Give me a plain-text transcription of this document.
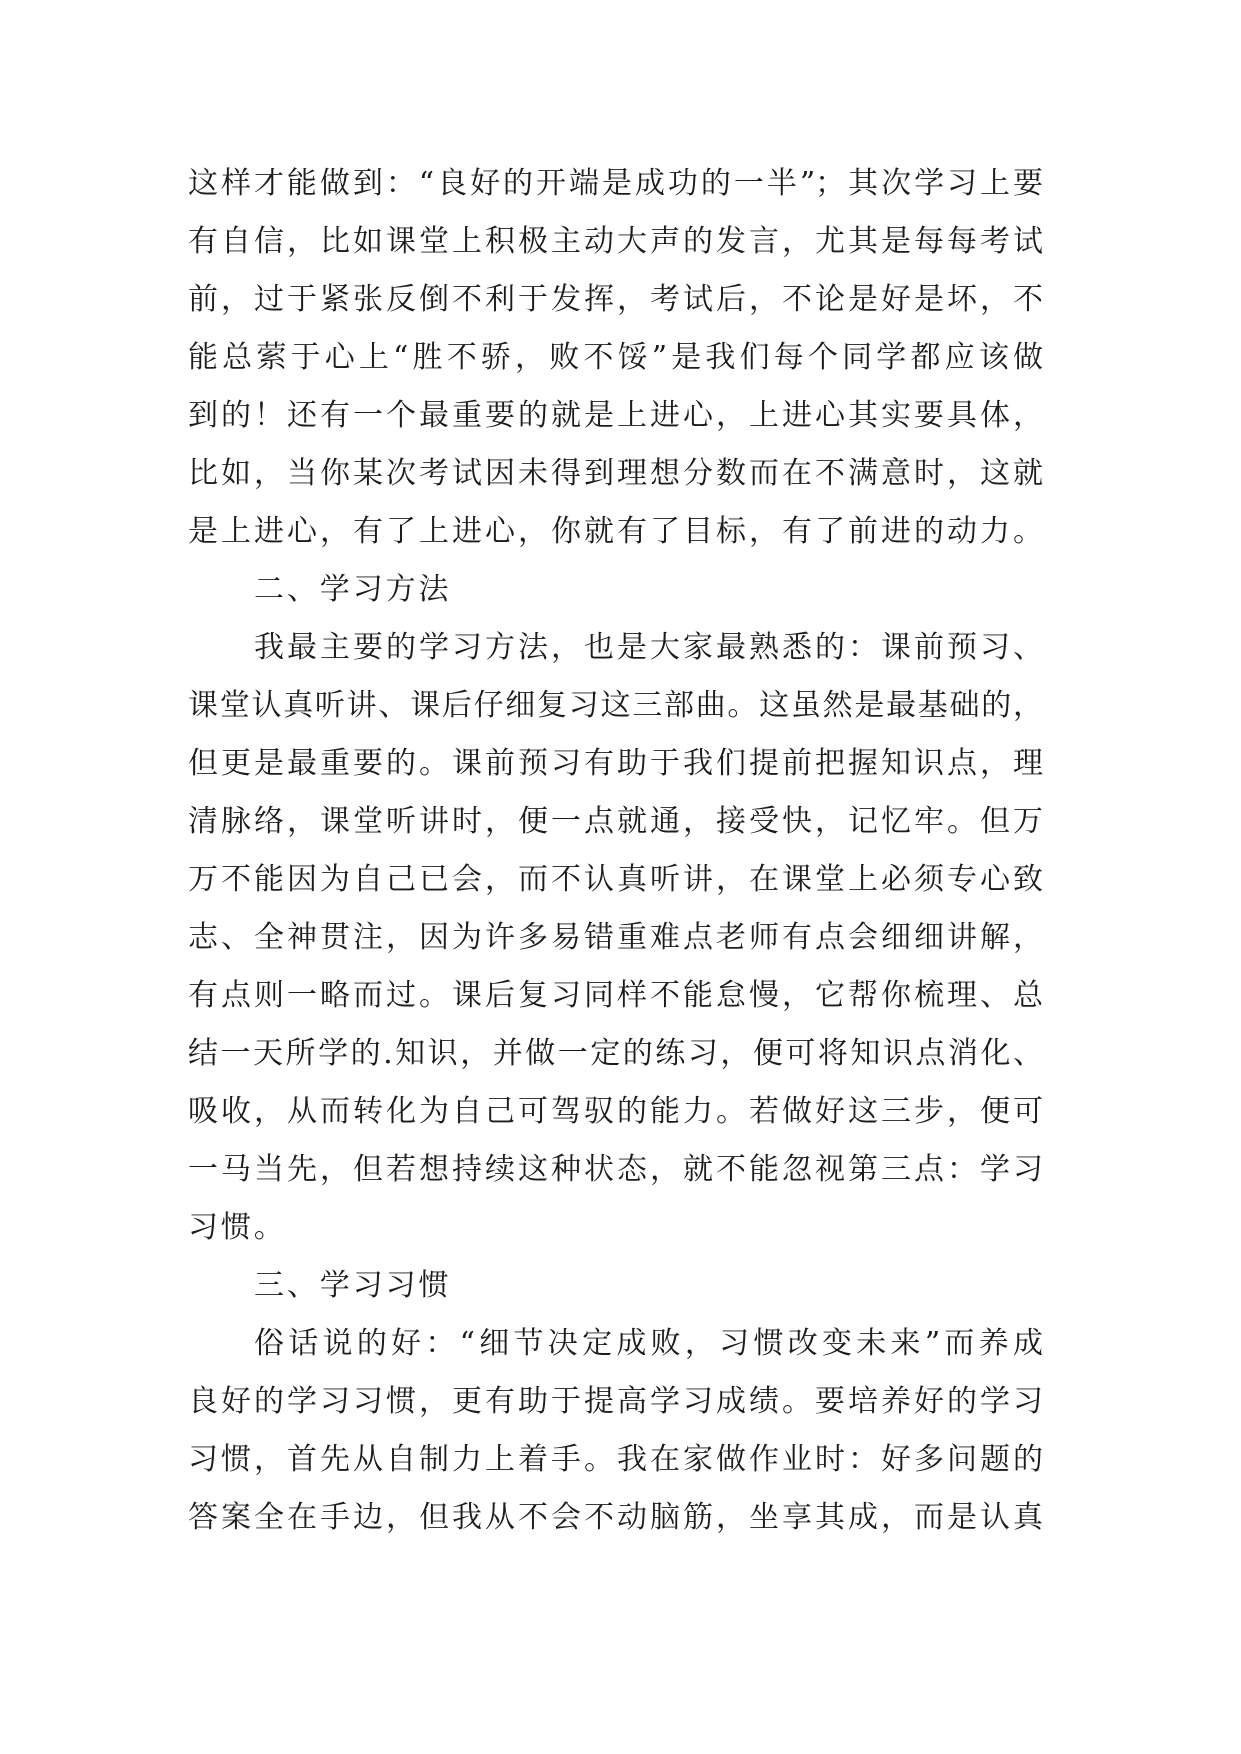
这样才能做到：“良好的开端是成功的一半”；其次学习上要
有自信，比如课堂上积极主动大声的发言，尤其是每每考试
前，过于紧张反倒不利于发挥，考试后，不论是好是坏，不
能总萦于心上“胜不骄，败不馁”是我们每个同学都应该做
到的！还有一个最重要的就是上进心，上进心其实要具体，
比如，当你某次考试因未得到理想分数而在不满意时，这就
是上进心，有了上进心，你就有了目标，有了前进的动力。
二、学习方法
我最主要的学习方法，也是大家最熟悉的：课前预习、
课堂认真听讲、课后仔细复习这三部曲。这虽然是最基础的，
但更是最重要的。课前预习有助于我们提前把握知识点，理
清脉络，课堂听讲时，便一点就通，接受快，记忆牢。但万
万不能因为自己已会，而不认真听讲，在课堂上必须专心致
志、全神贯注，因为许多易错重难点老师有点会细细讲解，
有点则一略而过。课后复习同样不能怠慢，它帮你梳理、总
结一天所学的.知识，并做一定的练习，便可将知识点消化、
吸收，从而转化为自己可驾驭的能力。若做好这三步，便可
一马当先，但若想持续这种状态，就不能忽视第三点：学习
习惯。
三、学习习惯
俗话说的好：“细节决定成败，习惯改变未来”而养成
良好的学习习惯，更有助于提高学习成绩。要培养好的学习
习惯，首先从自制力上着手。我在家做作业时：好多问题的
答案全在手边，但我从不会不动脑筋，坐享其成，而是认真
